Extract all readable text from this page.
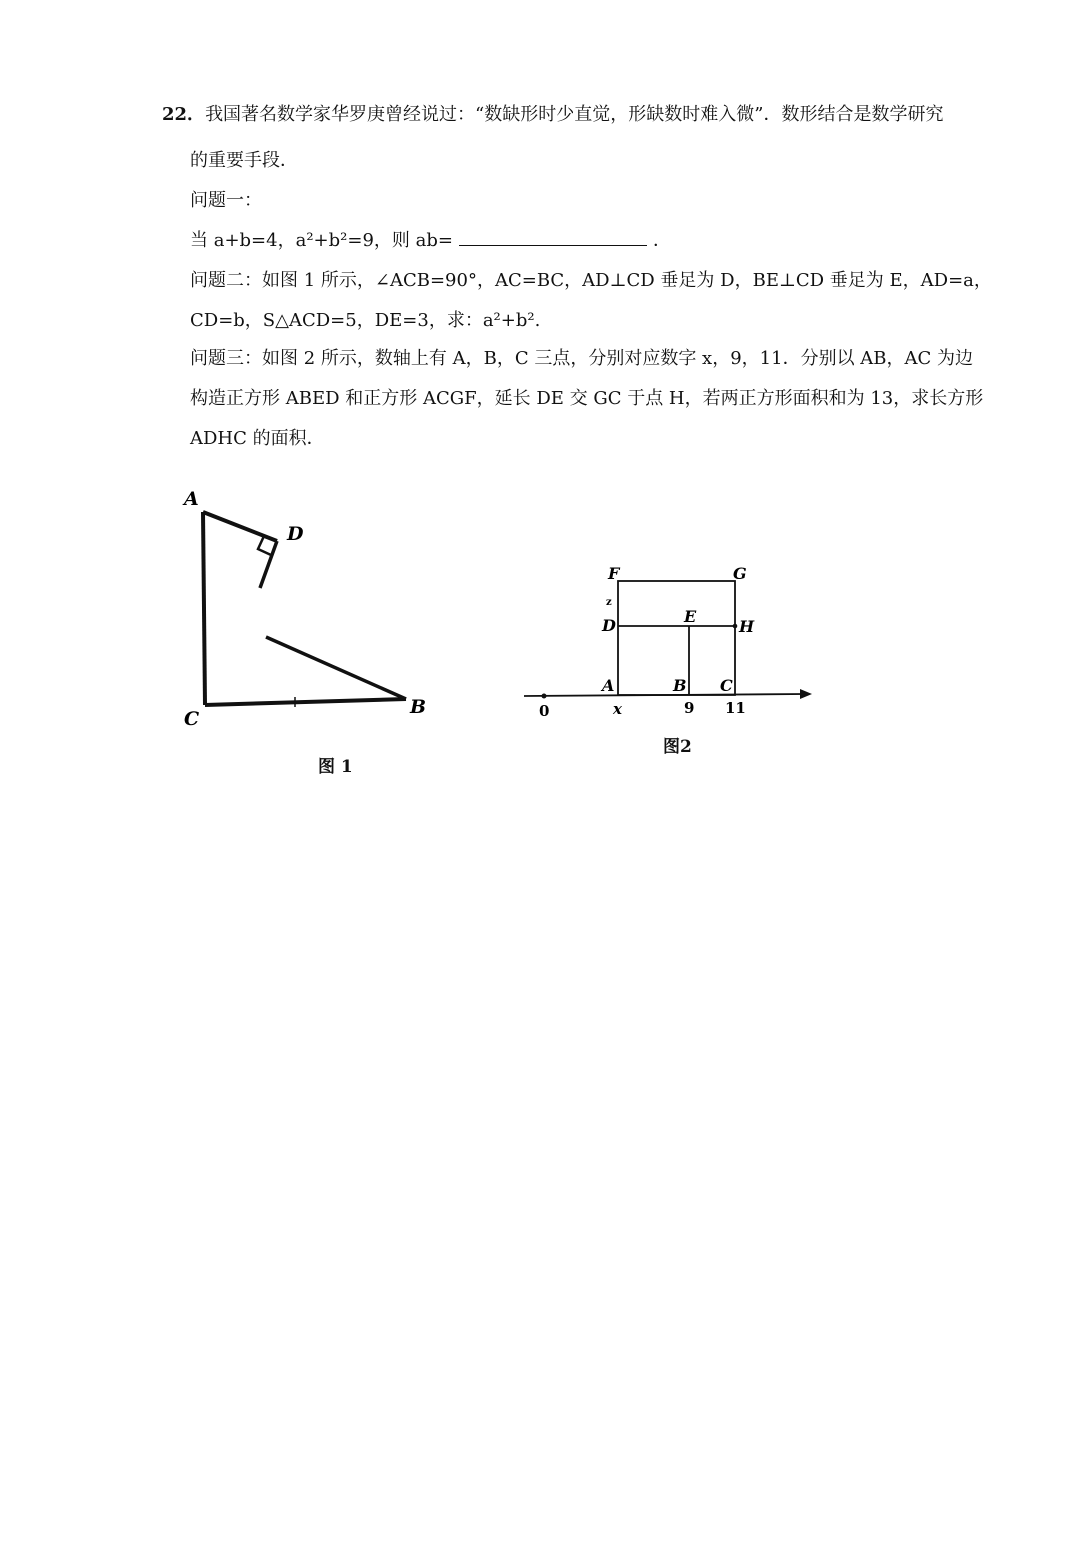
22．我国著名数学家华罗庚曾经说过：“数缺形时少直觉，形缺数时难入微”．数形结合是数学研究
的重要手段．
问题一：
当 a+b=4，a²+b²=9，则 ab=	．
问题二：如图 1 所示，∠ACB=90°，AC=BC，AD⊥CD 垂足为 D，BE⊥CD 垂足为 E，AD=a，
CD=b，S△ACD=5，DE=3，求：a²+b².
问题三：如图 2 所示，数轴上有 A，B，C 三点，分别对应数字 x，9，11．分别以 AB，AC 为边
构造正方形 ABED 和正方形 ACGF，延长 DE 交 GC 于点 H，若两正方形面积和为 13，求长方形
ADHC 的面积．
A
D
C
B
图 1
F	G
z
D	E
H
A	B C
0	x	9 11
图2
